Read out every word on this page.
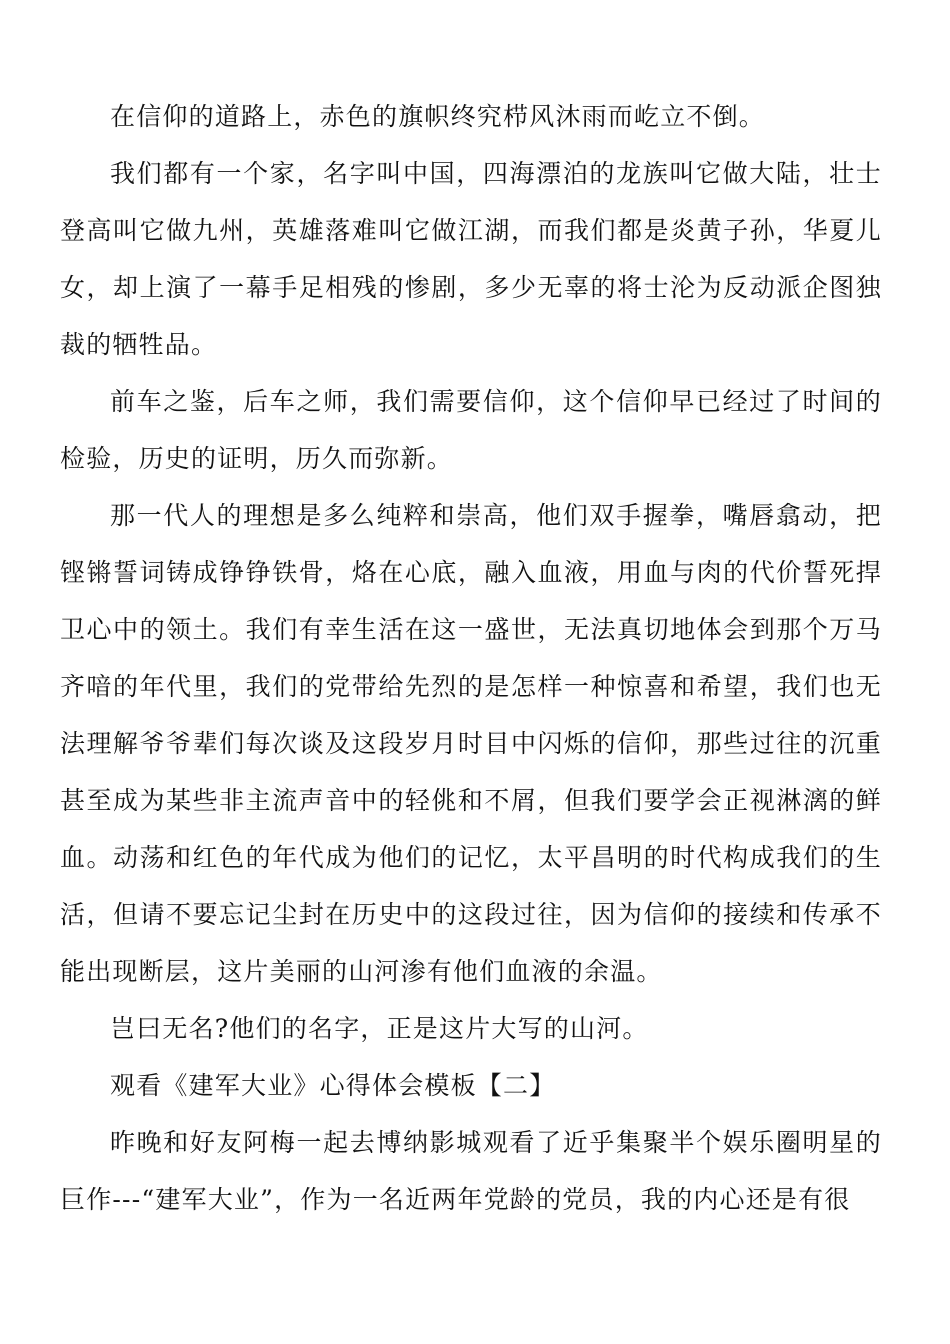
在信仰的道路上，赤色的旗帜终究栉风沐雨而屹立不倒。

我们都有一个家，名字叫中国，四海漂泊的龙族叫它做大陆，壮士登高叫它做九州，英雄落难叫它做江湖，而我们都是炎黄子孙，华夏儿女，却上演了一幕手足相残的惨剧，多少无辜的将士沦为反动派企图独裁的牺牲品。

前车之鉴，后车之师，我们需要信仰，这个信仰早已经过了时间的检验，历史的证明，历久而弥新。

那一代人的理想是多么纯粹和崇高，他们双手握拳，嘴唇翕动，把铿锵誓词铸成铮铮铁骨，烙在心底，融入血液，用血与肉的代价誓死捍卫心中的领土。我们有幸生活在这一盛世，无法真切地体会到那个万马齐喑的年代里，我们的党带给先烈的是怎样一种惊喜和希望，我们也无法理解爷爷辈们每次谈及这段岁月时目中闪烁的信仰，那些过往的沉重甚至成为某些非主流声音中的轻佻和不屑，但我们要学会正视淋漓的鲜血。动荡和红色的年代成为他们的记忆，太平昌明的时代构成我们的生活，但请不要忘记尘封在历史中的这段过往，因为信仰的接续和传承不能出现断层，这片美丽的山河渗有他们血液的余温。

岂曰无名?他们的名字，正是这片大写的山河。

观看《建军大业》心得体会模板【二】

昨晚和好友阿梅一起去博纳影城观看了近乎集聚半个娱乐圈明星的巨作---“建军大业”，作为一名近两年党龄的党员，我的内心还是有很
